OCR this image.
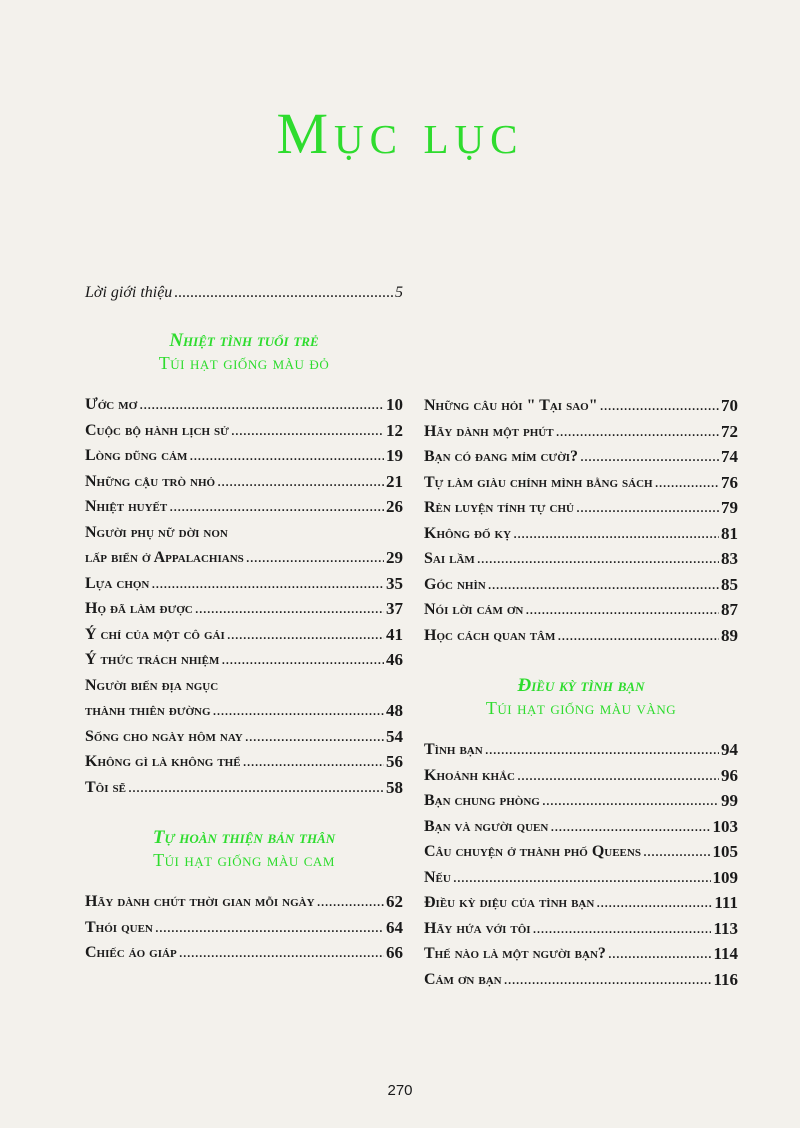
Mục lục
Lời giới thiệu .....	5
Nhiệt tình tuổi trẻ
Túi hạt giống màu đỏ
Ước mơ .....	10
Cuộc bộ hành lịch sử .....	12
Lòng dũng cảm .....	19
Những cậu trò nhỏ .....	21
Nhiệt huyết .....	26
Người phụ nữ dời non
lấp biển ở Appalachians .....	29
Lựa chọn .....	35
Họ đã làm được .....	37
Ý chí của một cô gái .....	41
Ý thức trách nhiệm .....	46
Người biến địa ngục
thành thiên đường .....	48
Sống cho ngày hôm nay .....	54
Không gì là không thể .....	56
Tôi sẽ .....	58
Tự hoàn thiện bản thân
Túi hạt giống màu cam
Hãy dành chút thời gian mỗi ngày .....	62
Thói quen .....	64
Chiếc áo giáp .....	66
Những câu hỏi " Tại sao" .....	70
Hãy dành một phút .....	72
Bạn có đang mỉm cười? .....	74
Tự làm giàu chính mình bằng sách .....	76
Rèn luyện tính tự chủ .....	79
Không đố kỵ .....	81
Sai lầm .....	83
Góc nhìn .....	85
Nói lời cám ơn .....	87
Học cách quan tâm .....	89
Điều kỳ tình bạn
Túi hạt giống màu vàng
Tình bạn .....	94
Khoảnh khắc .....	96
Bạn chung phòng .....	99
Bạn và người quen .....	103
Câu chuyện ở thành phố Queens .....	105
Nếu .....	109
Điều kỳ diệu của tình bạn .....	111
Hãy hứa với tôi .....	113
Thế nào là một người bạn? .....	114
Cám ơn bạn .....	116
270
